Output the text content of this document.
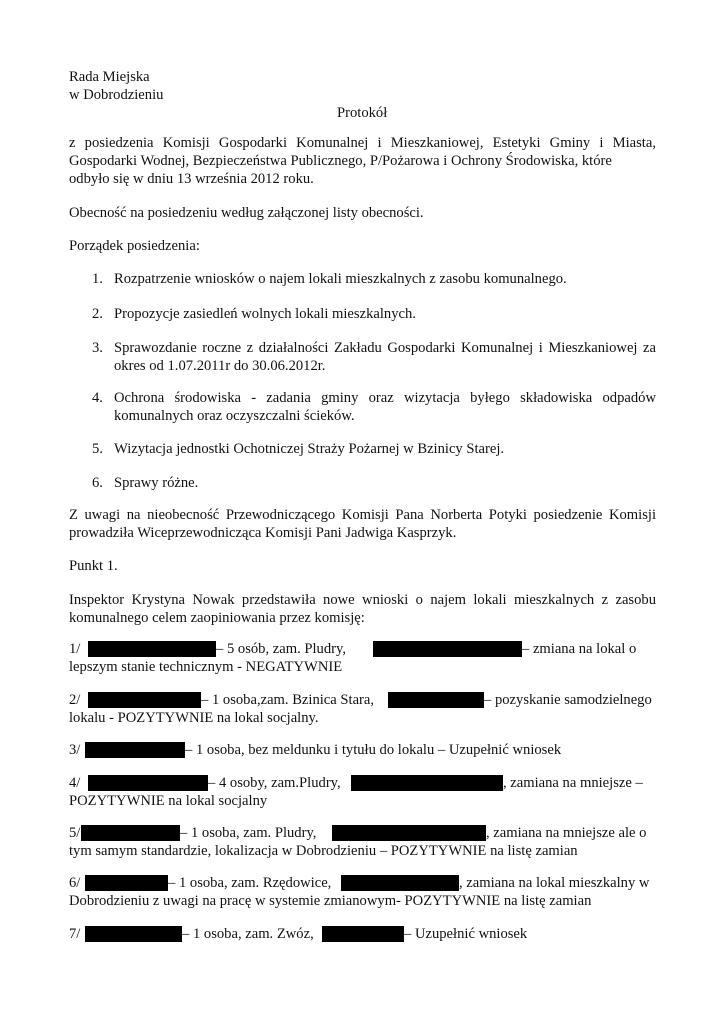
Rada Miejska
w Dobrodzieniu
Protokół
z posiedzenia Komisji Gospodarki Komunalnej i Mieszkaniowej, Estetyki Gminy i Miasta,
Gospodarki Wodnej, Bezpieczeństwa Publicznego, P/Pożarowa i Ochrony Środowiska, które
odbyło się w dniu 13 września 2012 roku.
Obecność na posiedzeniu według załączonej listy obecności.
Porządek posiedzenia:
1. Rozpatrzenie wniosków o najem lokali mieszkalnych z zasobu komunalnego.
2. Propozycje zasiedleń wolnych lokali mieszkalnych.
3. Sprawozdanie roczne z działalności Zakładu Gospodarki Komunalnej i Mieszkaniowej za
okres od 1.07.2011r do 30.06.2012r.
4. Ochrona środowiska - zadania gminy oraz wizytacja byłego składowiska odpadów
komunalnych oraz oczyszczalni ścieków.
5. Wizytacja jednostki Ochotniczej Straży Pożarnej w Bzinicy Starej.
6. Sprawy różne.
Z uwagi na nieobecność Przewodniczącego Komisji Pana Norberta Potyki posiedzenie Komisji
prowadziła Wiceprzewodnicząca Komisji Pani Jadwiga Kasprzyk.
Punkt 1.
Inspektor Krystyna Nowak przedstawiła nowe wnioski o najem lokali mieszkalnych z zasobu
komunalnego celem zaopiniowania przez komisję:
1/	– 5 osób, zam. Pludry,	– zmiana na lokal o
lepszym stanie technicznym - NEGATYWNIE
2/	– 1 osoba,zam. Bzinica Stara,	– pozyskanie samodzielnego
lokalu - POZYTYWNIE na lokal socjalny.
3/	– 1 osoba, bez meldunku i tytułu do lokalu – Uzupełnić wniosek
4/	– 4 osoby, zam.Pludry,	, zamiana na mniejsze –
POZYTYWNIE na lokal socjalny
5/	– 1 osoba, zam. Pludry,	, zamiana na mniejsze ale o
tym samym standardzie, lokalizacja w Dobrodzieniu – POZYTYWNIE na listę zamian
6/	– 1 osoba, zam. Rzędowice,	, zamiana na lokal mieszkalny w
Dobrodzieniu z uwagi na pracę w systemie zmianowym- POZYTYWNIE na listę zamian
7/	– 1 osoba, zam. Zwóz,	– Uzupełnić wniosek
